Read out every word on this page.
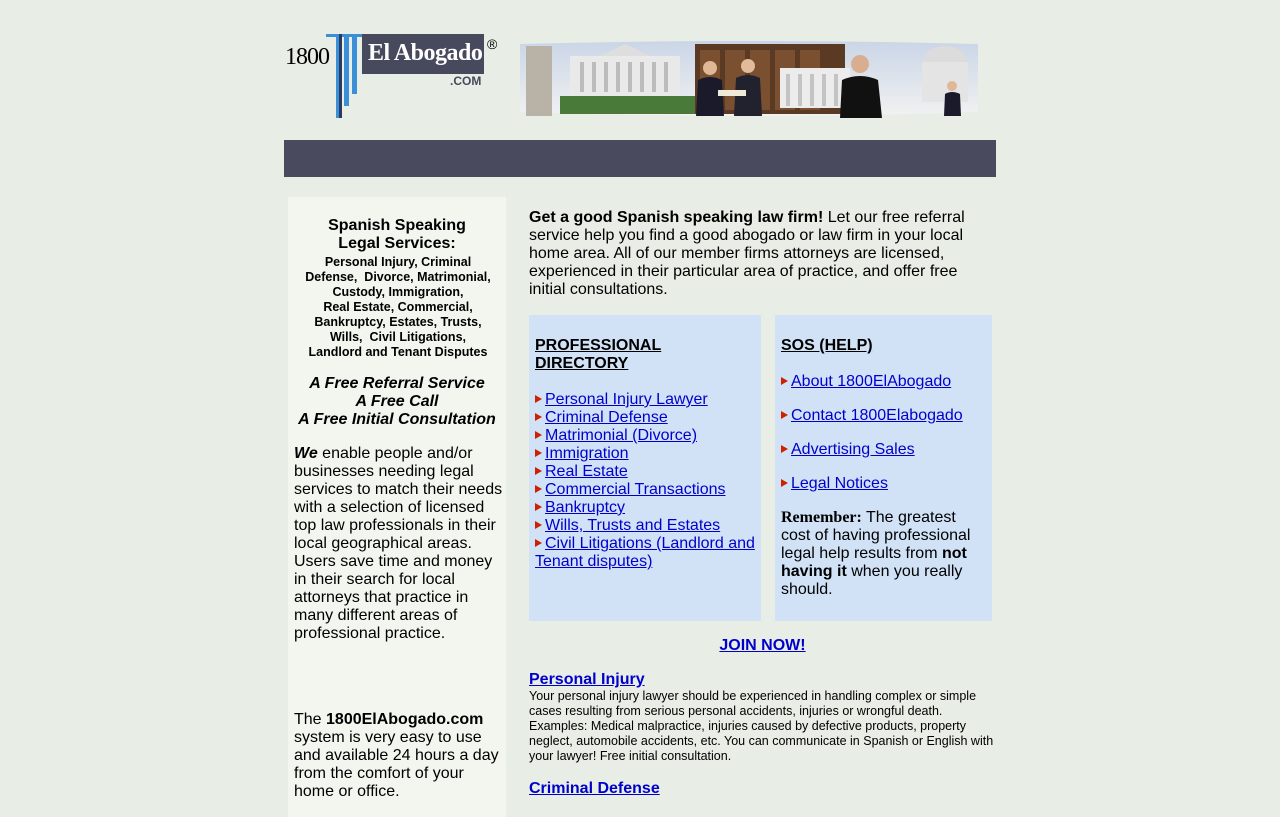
1800 El Abogado
.COM
®
Spanish Speaking
Legal Services:
Personal Injury, Criminal
Defense,  Divorce, Matrimonial,
Custody, Immigration,
Real Estate, Commercial,
Bankruptcy, Estates, Trusts,
Wills,  Civil Litigations,
Landlord and Tenant Disputes
A Free Referral Service
A Free Call
A Free Initial Consultation
We enable people and/or businesses needing legal services to match their needs with a selection of licensed top law professionals in their local geographical areas. Users save time and money in their search for local attorneys that practice in many different areas of professional practice.
The 1800ElAbogado.com system is very easy to use and available 24 hours a day from the comfort of your home or office.
Get a good Spanish speaking law firm! Let our free referral service help you find a good abogado or law firm in your local home area. All of our member firms attorneys are licensed, experienced in their particular area of practice, and offer free initial consultations.
PROFESSIONAL DIRECTORY
Personal Injury Lawyer
Criminal Defense
Matrimonial (Divorce)
Immigration
Real Estate
Commercial Transactions
Bankruptcy
Wills, Trusts and Estates
Civil Litigations (Landlord and Tenant disputes)
SOS (HELP)
About 1800ElAbogado
Contact 1800Elabogado
Advertising Sales
Legal Notices
Remember: The greatest cost of having professional legal help results from not having it when you really should.
JOIN NOW!
Personal Injury
Your personal injury lawyer should be experienced in handling complex or simple cases resulting from serious personal accidents, injuries or wrongful death. Examples: Medical malpractice, injuries caused by defective products, property neglect, automobile accidents, etc. You can communicate in Spanish or English with your lawyer! Free initial consultation.
Criminal Defense
